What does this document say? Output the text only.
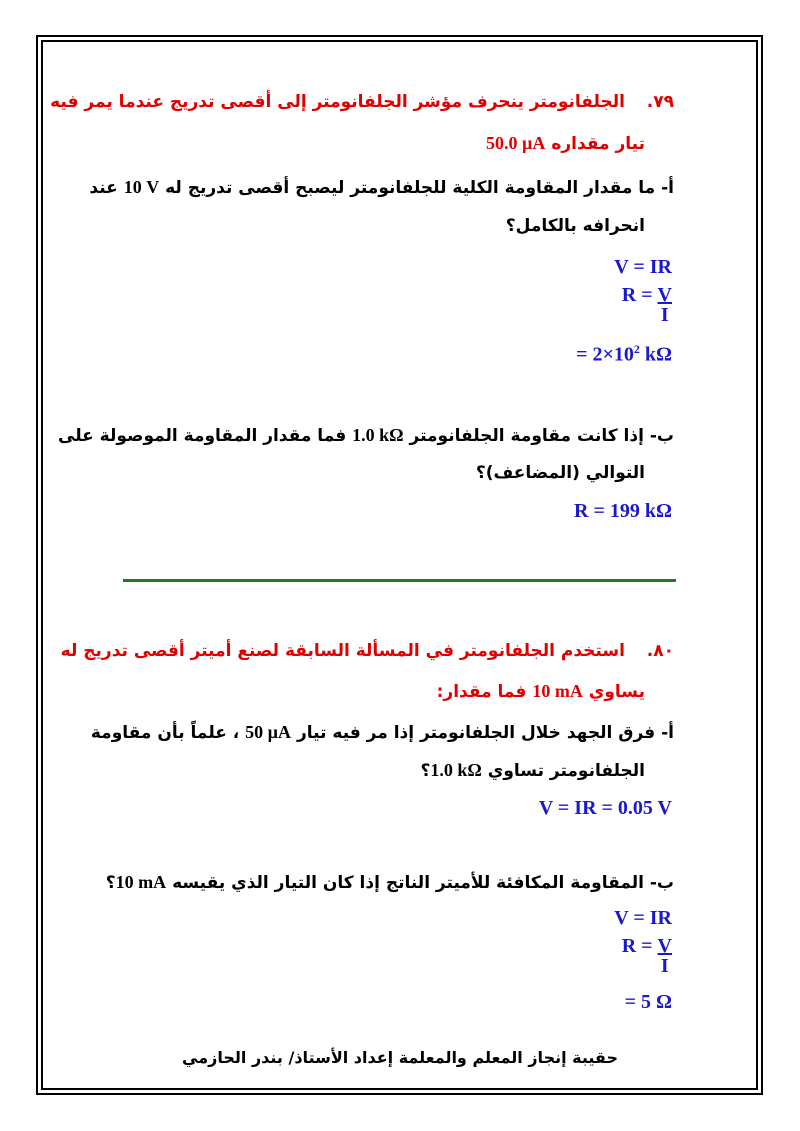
٧٩.  الجلفانومتر ينحرف مؤشر الجلفانومتر إلى أقصى تدريج عندما يمر فيه
تيار مقداره 50.0 µA
أ- ما مقدار المقاومة الكلية للجلفانومتر ليصبح أقصى تدريج له 10 V عند
انحرافه بالكامل؟
V = IR
$R = \frac{V}{I}$
= $2\times 10^2$ kΩ
ب- إذا كانت مقاومة الجلفانومتر 1.0 kΩ فما مقدار المقاومة الموصولة على
التوالي (المضاعف)؟
R = 199 kΩ
٨٠.  استخدم الجلفانومتر في المسألة السابقة لصنع أميتر أقصى تدريج له
يساوي 10 mA فما مقدار:
أ- فرق الجهد خلال الجلفانومتر إذا مر فيه تيار 50 µA ، علماً بأن مقاومة
الجلفانومتر تساوي 1.0 kΩ؟
V = IR = 0.05 V
ب- المقاومة المكافئة للأميتر الناتج إذا كان التيار الذي يقيسه 10 mA؟
V = IR
$R = \frac{V}{I}$
= 5 Ω
حقيبة إنجاز المعلم والمعلمة إعداد الأستاذ/ بندر الحازمي
